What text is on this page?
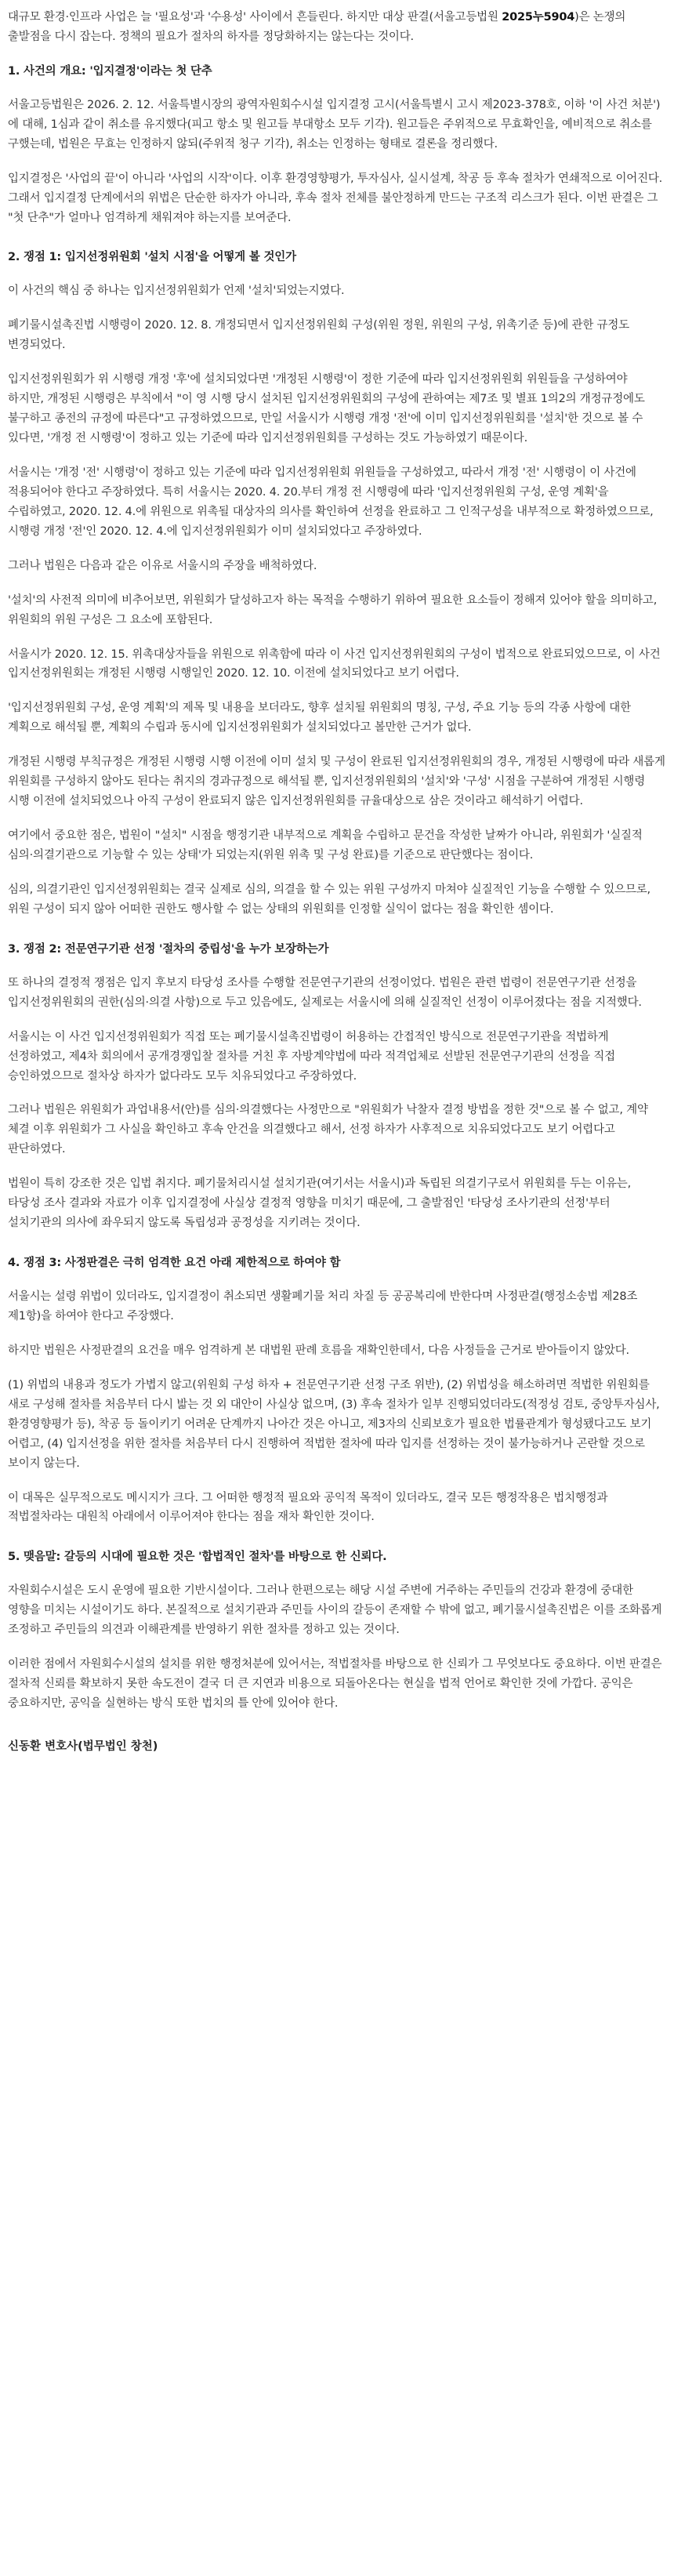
대규모 환경·인프라 사업은 늘 '필요성'과 '수용성' 사이에서 흔들린다. 하지만 대상 판결(서울고등법원 2025누5904)은 논쟁의 출발점을 다시 잡는다. 정책의 필요가 절차의 하자를 정당화하지는 않는다는 것이다.

1. 사건의 개요: '입지결정'이라는 첫 단추

서울고등법원은 2026. 2. 12. 서울특별시장의 광역자원회수시설 입지결정 고시(서울특별시 고시 제2023-378호, 이하 '이 사건 처분')에 대해, 1심과 같이 취소를 유지했다(피고 항소 및 원고들 부대항소 모두 기각). 원고들은 주위적으로 무효확인을, 예비적으로 취소를 구했는데, 법원은 무효는 인정하지 않되(주위적 청구 기각), 취소는 인정하는 형태로 결론을 정리했다.

입지결정은 '사업의 끝'이 아니라 '사업의 시작'이다. 이후 환경영향평가, 투자심사, 실시설계, 착공 등 후속 절차가 연쇄적으로 이어진다. 그래서 입지결정 단계에서의 위법은 단순한 하자가 아니라, 후속 절차 전체를 불안정하게 만드는 구조적 리스크가 된다. 이번 판결은 그 "첫 단추"가 얼마나 엄격하게 채워져야 하는지를 보여준다.

2. 쟁점 1: 입지선정위원회 '설치 시점'을 어떻게 볼 것인가

이 사건의 핵심 중 하나는 입지선정위원회가 언제 '설치'되었는지였다.

폐기물시설촉진법 시행령이 2020. 12. 8. 개정되면서 입지선정위원회 구성(위원 정원, 위원의 구성, 위촉기준 등)에 관한 규정도 변경되었다.

입지선정위원회가 위 시행령 개정 '후'에 설치되었다면 '개정된 시행령'이 정한 기준에 따라 입지선정위원회 위원들을 구성하여야 하지만, 개정된 시행령은 부칙에서 "이 영 시행 당시 설치된 입지선정위원회의 구성에 관하여는 제7조 및 별표 1의2의 개정규정에도 불구하고 종전의 규정에 따른다"고 규정하였으므로, 만일 서울시가 시행령 개정 '전'에 이미 입지선정위원회를 '설치'한 것으로 볼 수 있다면, '개정 전 시행령'이 정하고 있는 기준에 따라 입지선정위원회를 구성하는 것도 가능하였기 때문이다.

서울시는 '개정 '전' 시행령'이 정하고 있는 기준에 따라 입지선정위원회 위원들을 구성하였고, 따라서 개정 '전' 시행령이 이 사건에 적용되어야 한다고 주장하였다. 특히 서울시는 2020. 4. 20.부터 개정 전 시행령에 따라 '입지선정위원회 구성, 운영 계획'을 수립하였고, 2020. 12. 4.에 위원으로 위촉될 대상자의 의사를 확인하여 선정을 완료하고 그 인적구성을 내부적으로 확정하였으므로, 시행령 개정 '전'인 2020. 12. 4.에 입지선정위원회가 이미 설치되었다고 주장하였다.

그러나 법원은 다음과 같은 이유로 서울시의 주장을 배척하였다.

'설치'의 사전적 의미에 비추어보면, 위원회가 달성하고자 하는 목적을 수행하기 위하여 필요한 요소들이 정해져 있어야 할을 의미하고, 위원회의 위원 구성은 그 요소에 포함된다.

서울시가 2020. 12. 15. 위촉대상자들을 위원으로 위촉함에 따라 이 사건 입지선정위원회의 구성이 법적으로 완료되었으므로, 이 사건 입지선정위원회는 개정된 시행령 시행일인 2020. 12. 10. 이전에 설치되었다고 보기 어렵다.

'입지선정위원회 구성, 운영 계획'의 제목 및 내용을 보더라도, 향후 설치될 위원회의 명칭, 구성, 주요 기능 등의 각종 사항에 대한 계획으로 해석될 뿐, 계획의 수립과 동시에 입지선정위원회가 설치되었다고 볼만한 근거가 없다.

개정된 시행령 부칙규정은 개정된 시행령 시행 이전에 이미 설치 및 구성이 완료된 입지선정위원회의 경우, 개정된 시행령에 따라 새롭게 위원회를 구성하지 않아도 된다는 취지의 경과규정으로 해석될 뿐, 입지선정위원회의 '설치'와 '구성' 시점을 구분하여 개정된 시행령 시행 이전에 설치되었으나 아직 구성이 완료되지 않은 입지선정위원회를 규율대상으로 삼은 것이라고 해석하기 어렵다.

여기에서 중요한 점은, 법원이 "설치" 시점을 행정기관 내부적으로 계획을 수립하고 문건을 작성한 날짜가 아니라, 위원회가 '실질적 심의·의결기관으로 기능할 수 있는 상태'가 되었는지(위원 위촉 및 구성 완료)를 기준으로 판단했다는 점이다.

심의, 의결기관인 입지선정위원회는 결국 실제로 심의, 의결을 할 수 있는 위원 구성까지 마쳐야 실질적인 기능을 수행할 수 있으므로, 위원 구성이 되지 않아 어떠한 권한도 행사할 수 없는 상태의 위원회를 인정할 실익이 없다는 점을 확인한 셈이다.

3. 쟁점 2: 전문연구기관 선정 '절차의 중립성'을 누가 보장하는가

또 하나의 결정적 쟁점은 입지 후보지 타당성 조사를 수행할 전문연구기관의 선정이었다. 법원은 관련 법령이 전문연구기관 선정을 입지선정위원회의 권한(심의·의결 사항)으로 두고 있음에도, 실제로는 서울시에 의해 실질적인 선정이 이루어졌다는 점을 지적했다.

서울시는 이 사건 입지선정위원회가 직접 또는 폐기물시설촉진법령이 허용하는 간접적인 방식으로 전문연구기관을 적법하게 선정하였고, 제4차 회의에서 공개경쟁입찰 절차를 거친 후 자방계약법에 따라 적격업체로 선발된 전문연구기관의 선정을 직접 승인하였으므로 절차상 하자가 없다라도 모두 치유되었다고 주장하였다.

그러나 법원은 위원회가 과업내용서(안)를 심의·의결했다는 사정만으로 "위원회가 낙찰자 결정 방법을 정한 것"으로 볼 수 없고, 계약 체결 이후 위원회가 그 사실을 확인하고 후속 안건을 의결했다고 해서, 선정 하자가 사후적으로 치유되었다고도 보기 어렵다고 판단하였다.

법원이 특히 강조한 것은 입법 취지다. 폐기물처리시설 설치기관(여기서는 서울시)과 독립된 의결기구로서 위원회를 두는 이유는, 타당성 조사 결과와 자료가 이후 입지결정에 사실상 결정적 영향을 미치기 때문에, 그 출발점인 '타당성 조사기관의 선정'부터 설치기관의 의사에 좌우되지 않도록 독립성과 공정성을 지키려는 것이다.

4. 쟁점 3: 사정판결은 극히 엄격한 요건 아래 제한적으로 하여야 함

서울시는 설령 위법이 있더라도, 입지결정이 취소되면 생활폐기물 처리 차질 등 공공복리에 반한다며 사정판결(행정소송법 제28조 제1항)을 하여야 한다고 주장했다.

하지만 법원은 사정판결의 요건을 매우 엄격하게 본 대법원 판례 흐름을 재확인한데서, 다음 사정들을 근거로 받아들이지 않았다.

(1) 위법의 내용과 정도가 가볍지 않고(위원회 구성 하자 + 전문연구기관 선정 구조 위반), (2) 위법성을 해소하려면 적법한 위원회를 새로 구성해 절차를 처음부터 다시 밟는 것 외 대안이 사실상 없으며, (3) 후속 절차가 일부 진행되었더라도(적정성 검토, 중앙투자심사, 환경영향평가 등), 착공 등 돌이키기 어려운 단계까지 나아간 것은 아니고, 제3자의 신뢰보호가 필요한 법률관계가 형성됐다고도 보기 어렵고, (4) 입지선정을 위한 절차를 처음부터 다시 진행하여 적법한 절차에 따라 입지를 선정하는 것이 불가능하거나 곤란할 것으로 보이지 않는다.

이 대목은 실무적으로도 메시지가 크다. 그 어떠한 행정적 필요와 공익적 목적이 있더라도, 결국 모든 행정작용은 법치행정과 적법절차라는 대원칙 아래에서 이루어져야 한다는 점을 재차 확인한 것이다.

5. 맺음말: 갈등의 시대에 필요한 것은 '합법적인 절차'를 바탕으로 한 신뢰다.

자원회수시설은 도시 운영에 필요한 기반시설이다. 그러나 한편으로는 해당 시설 주변에 거주하는 주민들의 건강과 환경에 중대한 영향을 미치는 시설이기도 하다. 본질적으로 설치기관과 주민들 사이의 갈등이 존재할 수 밖에 없고, 폐기물시설촉진법은 이를 조화롭게 조정하고 주민들의 의견과 이해관계를 반영하기 위한 절차를 정하고 있는 것이다.

이러한 점에서 자원회수시설의 설치를 위한 행정처분에 있어서는, 적법절차를 바탕으로 한 신뢰가 그 무엇보다도 중요하다. 이번 판결은 절차적 신뢰를 확보하지 못한 속도전이 결국 더 큰 지연과 비용으로 되돌아온다는 현실을 법적 언어로 확인한 것에 가깝다. 공익은 중요하지만, 공익을 실현하는 방식 또한 법치의 틀 안에 있어야 한다.

신동환 변호사(법무법인 창천)
